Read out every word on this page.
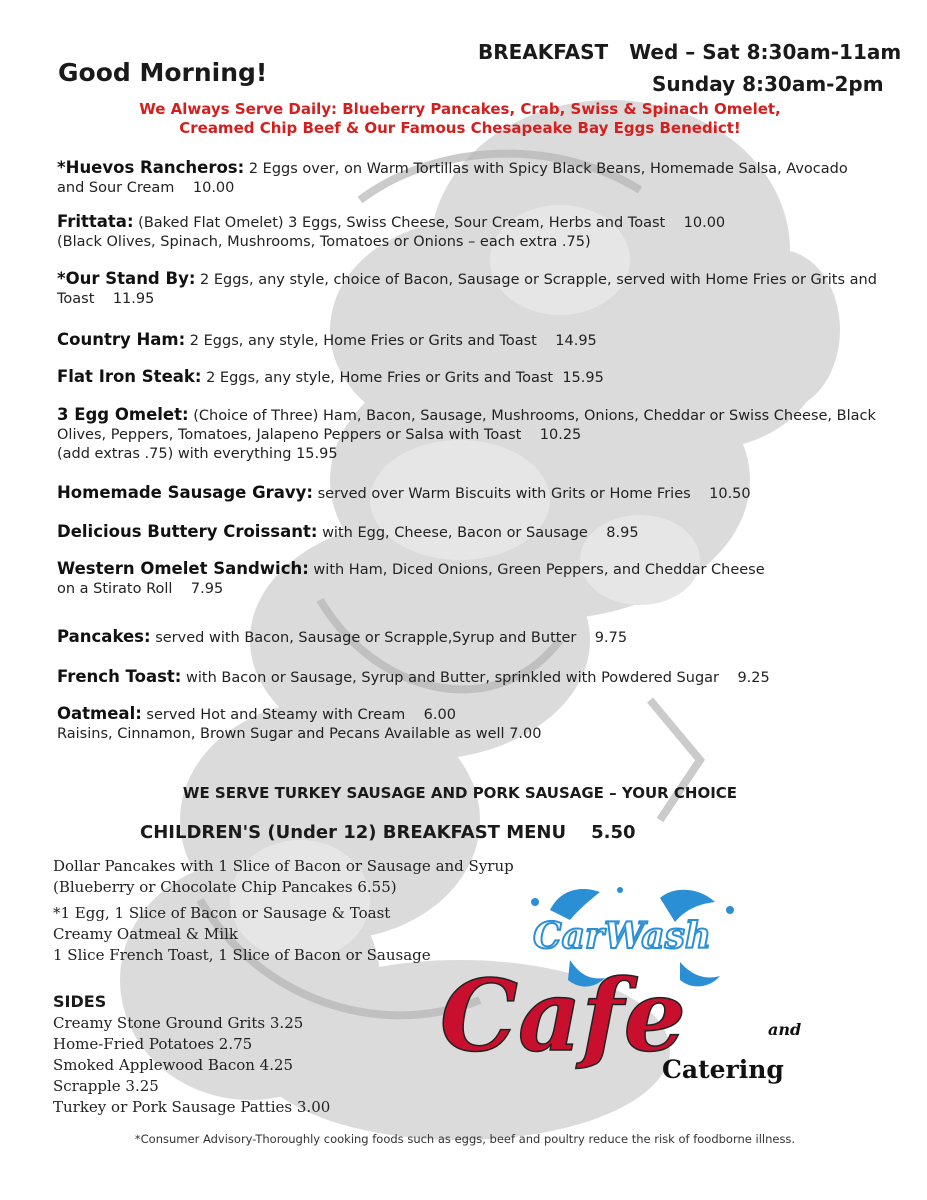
Good Morning!
BREAKFAST   Wed – Sat 8:30am-11am
Sunday 8:30am-2pm
We Always Serve Daily: Blueberry Pancakes, Crab, Swiss & Spinach Omelet,
Creamed Chip Beef & Our Famous Chesapeake Bay Eggs Benedict!
*Huevos Rancheros: 2 Eggs over, on Warm Tortillas with Spicy Black Beans, Homemade Salsa, Avocado and Sour Cream 10.00
Frittata: (Baked Flat Omelet) 3 Eggs, Swiss Cheese, Sour Cream, Herbs and Toast 10.00
(Black Olives, Spinach, Mushrooms, Tomatoes or Onions – each extra .75)
*Our Stand By: 2 Eggs, any style, choice of Bacon, Sausage or Scrapple, served with Home Fries or Grits and Toast 11.95
Country Ham: 2 Eggs, any style, Home Fries or Grits and Toast 14.95
Flat Iron Steak: 2 Eggs, any style, Home Fries or Grits and Toast 15.95
3 Egg Omelet: (Choice of Three) Ham, Bacon, Sausage, Mushrooms, Onions, Cheddar or Swiss Cheese, Black Olives, Peppers, Tomatoes, Jalapeno Peppers or Salsa with Toast 10.25
(add extras .75) with everything 15.95
Homemade Sausage Gravy: served over Warm Biscuits with Grits or Home Fries 10.50
Delicious Buttery Croissant: with Egg, Cheese, Bacon or Sausage 8.95
Western Omelet Sandwich: with Ham, Diced Onions, Green Peppers, and Cheddar Cheese
on a Stirato Roll 7.95
Pancakes: served with Bacon, Sausage or Scrapple,Syrup and Butter 9.75
French Toast: with Bacon or Sausage, Syrup and Butter, sprinkled with Powdered Sugar 9.25
Oatmeal: served Hot and Steamy with Cream 6.00
Raisins, Cinnamon, Brown Sugar and Pecans Available as well 7.00
WE SERVE TURKEY SAUSAGE AND PORK SAUSAGE – YOUR CHOICE
CHILDREN'S (Under 12) BREAKFAST MENU    5.50
Dollar Pancakes with 1 Slice of Bacon or Sausage and Syrup
(Blueberry or Chocolate Chip Pancakes 6.55)
*1 Egg, 1 Slice of Bacon or Sausage & Toast
Creamy Oatmeal & Milk
1 Slice French Toast, 1 Slice of Bacon or Sausage
SIDES
Creamy Stone Ground Grits 3.25
Home-Fried Potatoes 2.75
Smoked Applewood Bacon 4.25
Scrapple 3.25
Turkey or Pork Sausage Patties 3.00
CarWash
Cafe	and
Catering
*Consumer Advisory-Thoroughly cooking foods such as eggs, beef and poultry reduce the risk of foodborne illness.
